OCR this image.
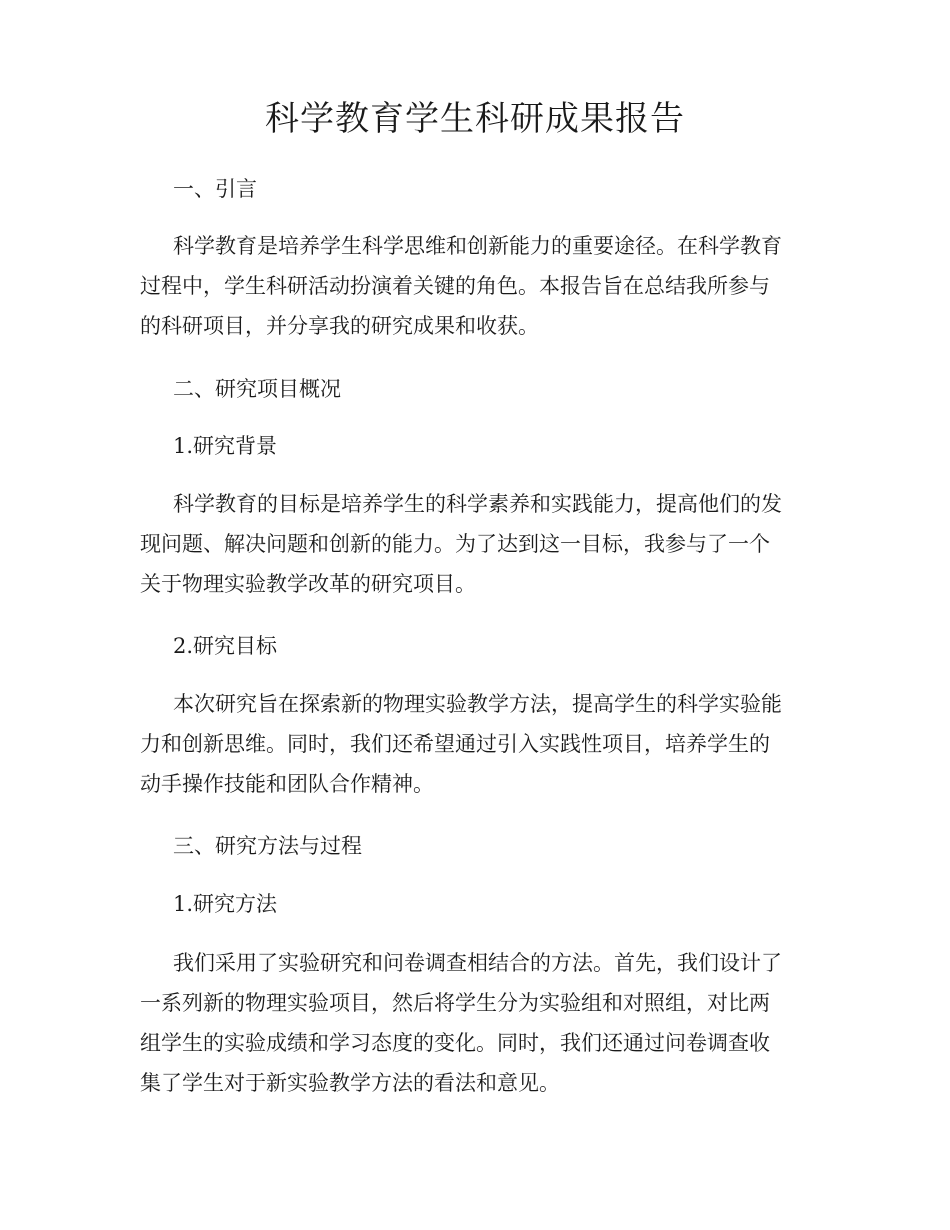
科学教育学生科研成果报告

一、引言

科学教育是培养学生科学思维和创新能力的重要途径。在科学教育
过程中，学生科研活动扮演着关键的角色。本报告旨在总结我所参与
的科研项目，并分享我的研究成果和收获。

二、研究项目概况

1.研究背景

科学教育的目标是培养学生的科学素养和实践能力，提高他们的发
现问题、解决问题和创新的能力。为了达到这一目标，我参与了一个
关于物理实验教学改革的研究项目。

2.研究目标

本次研究旨在探索新的物理实验教学方法，提高学生的科学实验能
力和创新思维。同时，我们还希望通过引入实践性项目，培养学生的
动手操作技能和团队合作精神。

三、研究方法与过程

1.研究方法

我们采用了实验研究和问卷调查相结合的方法。首先，我们设计了
一系列新的物理实验项目，然后将学生分为实验组和对照组，对比两
组学生的实验成绩和学习态度的变化。同时，我们还通过问卷调查收
集了学生对于新实验教学方法的看法和意见。
